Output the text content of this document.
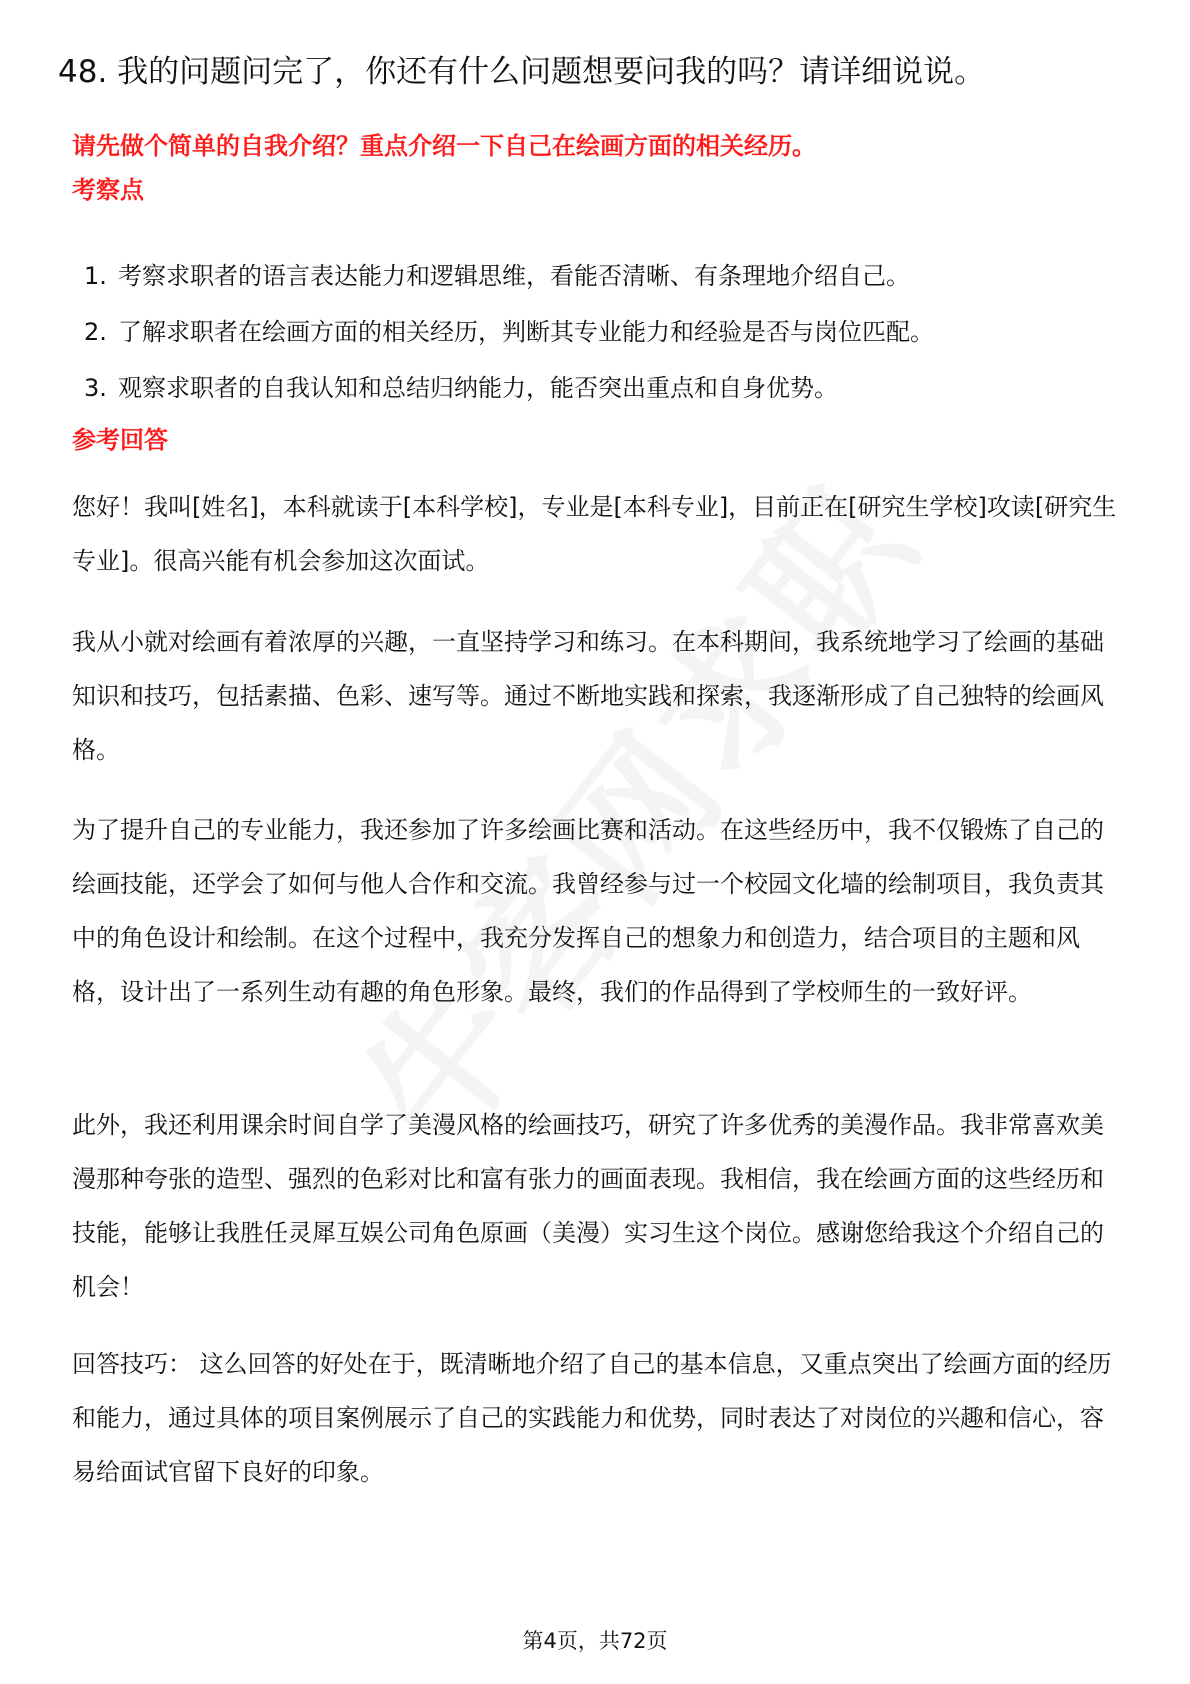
48. 我的问题问完了，你还有什么问题想要问我的吗？请详细说说。
请先做个简单的自我介绍？重点介绍一下自己在绘画方面的相关经历。
考察点
1. 考察求职者的语言表达能力和逻辑思维，看能否清晰、有条理地介绍自己。
2. 了解求职者在绘画方面的相关经历，判断其专业能力和经验是否与岗位匹配。
3. 观察求职者的自我认知和总结归纳能力，能否突出重点和自身优势。
参考回答

您好！我叫[姓名]，本科就读于[本科学校]，专业是[本科专业]，目前正在[研究生学校]攻读[研究生专业]。很高兴能有机会参加这次面试。

我从小就对绘画有着浓厚的兴趣，一直坚持学习和练习。在本科期间，我系统地学习了绘画的基础知识和技巧，包括素描、色彩、速写等。通过不断地实践和探索，我逐渐形成了自己独特的绘画风格。

为了提升自己的专业能力，我还参加了许多绘画比赛和活动。在这些经历中，我不仅锻炼了自己的绘画技能，还学会了如何与他人合作和交流。我曾经参与过一个校园文化墙的绘制项目，我负责其中的角色设计和绘制。在这个过程中，我充分发挥自己的想象力和创造力，结合项目的主题和风格，设计出了一系列生动有趣的角色形象。最终，我们的作品得到了学校师生的一致好评。

此外，我还利用课余时间自学了美漫风格的绘画技巧，研究了许多优秀的美漫作品。我非常喜欢美漫那种夸张的造型、强烈的色彩对比和富有张力的画面表现。我相信，我在绘画方面的这些经历和技能，能够让我胜任灵犀互娱公司角色原画（美漫）实习生这个岗位。感谢您给我这个介绍自己的机会！

回答技巧： 这么回答的好处在于，既清晰地介绍了自己的基本信息，又重点突出了绘画方面的经历和能力，通过具体的项目案例展示了自己的实践能力和优势，同时表达了对岗位的兴趣和信心，容易给面试官留下良好的印象。

第4页，共72页
